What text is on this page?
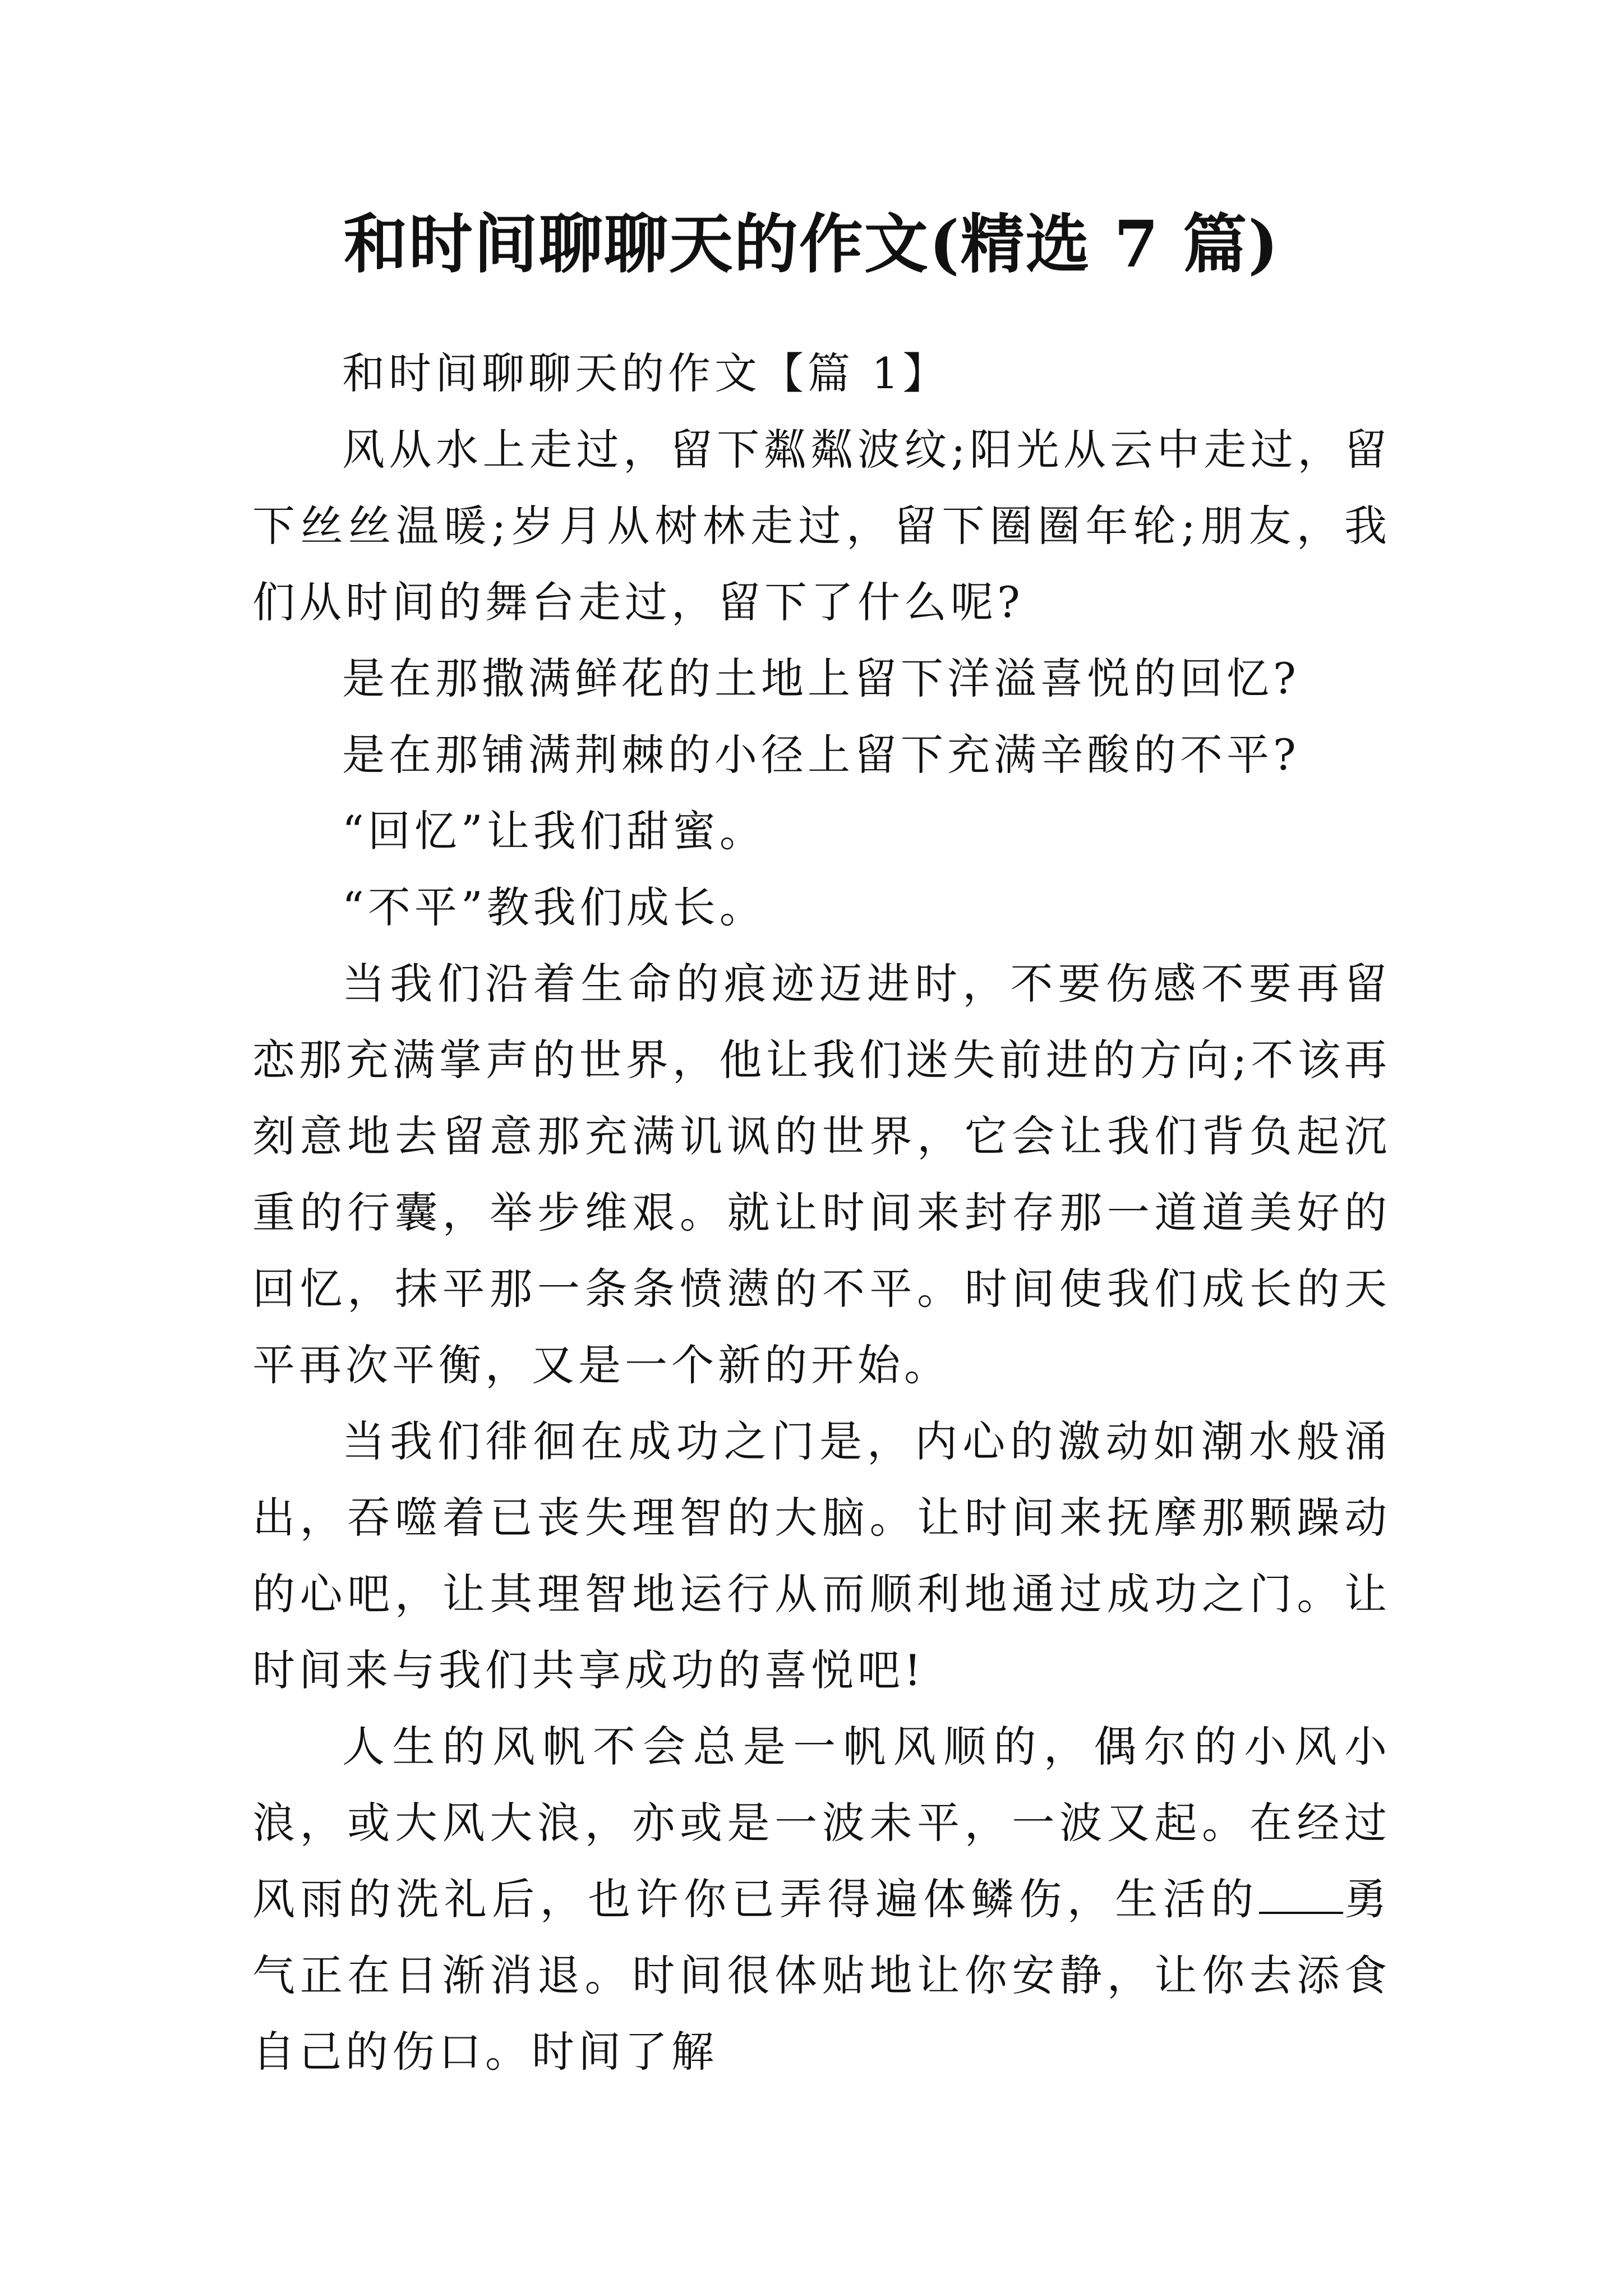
和时间聊聊天的作文(精选 7 篇)

和时间聊聊天的作文【篇 1】

风从水上走过，留下粼粼波纹;阳光从云中走过，留下丝丝温暖;岁月从树林走过，留下圈圈年轮;朋友，我们从时间的舞台走过，留下了什么呢?

是在那撒满鲜花的土地上留下洋溢喜悦的回忆?

是在那铺满荆棘的小径上留下充满辛酸的不平?

“回忆”让我们甜蜜。

“不平”教我们成长。

当我们沿着生命的痕迹迈进时，不要伤感不要再留恋那充满掌声的世界，他让我们迷失前进的方向;不该再刻意地去留意那充满讥讽的世界，它会让我们背负起沉重的行囊，举步维艰。就让时间来封存那一道道美好的回忆，抹平那一条条愤懑的不平。时间使我们成长的天平再次平衡，又是一个新的开始。

当我们徘徊在成功之门是，内心的激动如潮水般涌出，吞噬着已丧失理智的大脑。让时间来抚摩那颗躁动的心吧，让其理智地运行从而顺利地通过成功之门。让时间来与我们共享成功的喜悦吧!

人生的风帆不会总是一帆风顺的，偶尔的小风小浪，或大风大浪，亦或是一波未平，一波又起。在经过风雨的洗礼后，也许你已弄得遍体鳞伤，生活的 勇气正在日渐消退。时间很体贴地让你安静，让你去添食自己的伤口。时间了解
